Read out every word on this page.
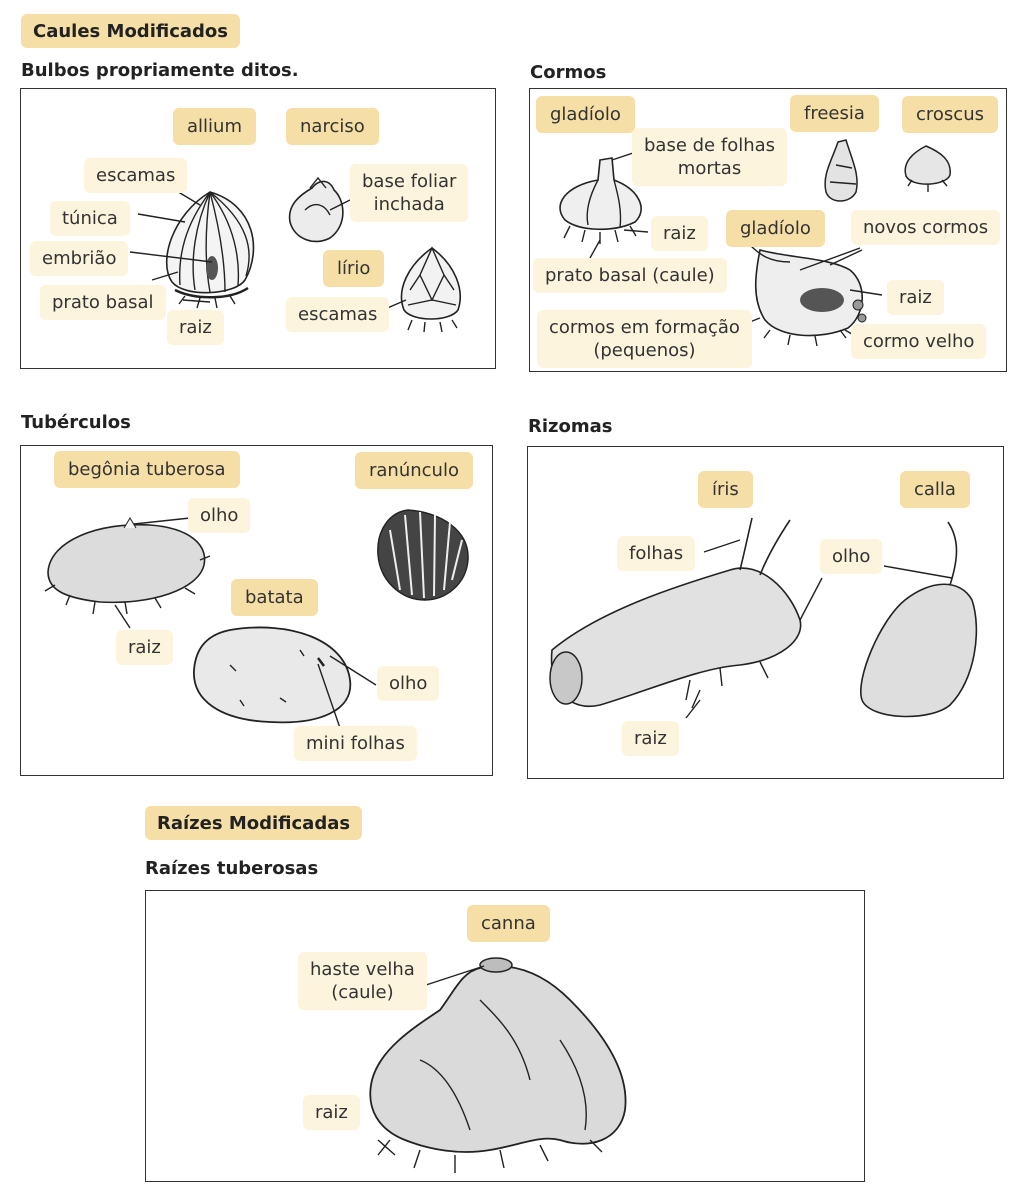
Caules Modificados
Raízes Modificadas
Bulbos propriamente ditos.	Cormos
Tubérculos	Rizomas
Raízes tuberosas
allium	narciso
lírio
escamas
túnica
embrião
prato basal
raiz
base foliar
inchada
escamas
gladíolo	freesia	croscus
gladíolo
base de folhas
mortas
raiz
prato basal (caule)
novos cormos
raiz
cormos em formação
(pequenos)	cormo velho
begônia tuberosa	ranúnculo
batata
olho
raiz
olho
mini folhas
íris	calla
folhas	olho
raiz
canna
haste velha
(caule)
raiz
